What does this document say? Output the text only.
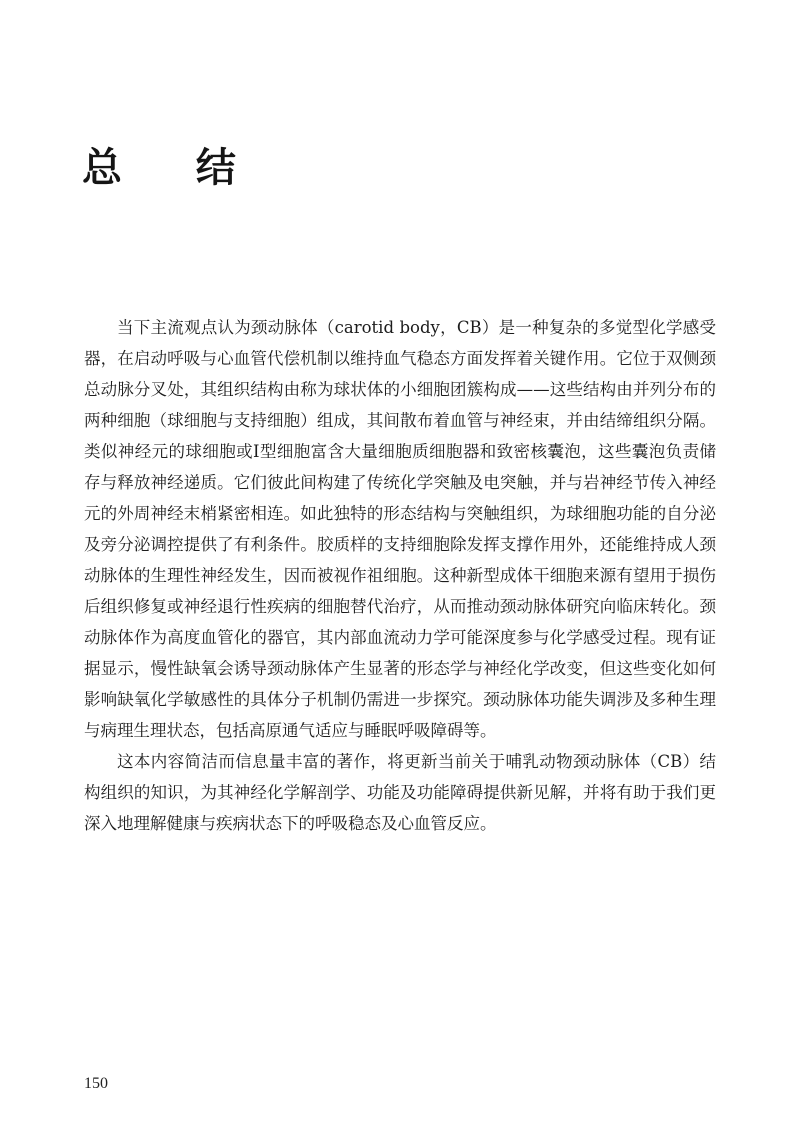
总 结

当下主流观点认为颈动脉体（carotid body，CB）是一种复杂的多觉型化学感受器，在启动呼吸与心血管代偿机制以维持血气稳态方面发挥着关键作用。它位于双侧颈总动脉分叉处，其组织结构由称为球状体的小细胞团簇构成——这些结构由并列分布的两种细胞（球细胞与支持细胞）组成，其间散布着血管与神经束，并由结缔组织分隔。类似神经元的球细胞或Ⅰ型细胞富含大量细胞质细胞器和致密核囊泡，这些囊泡负责储存与释放神经递质。它们彼此间构建了传统化学突触及电突触，并与岩神经节传入神经元的外周神经末梢紧密相连。如此独特的形态结构与突触组织，为球细胞功能的自分泌及旁分泌调控提供了有利条件。胶质样的支持细胞除发挥支撑作用外，还能维持成人颈动脉体的生理性神经发生，因而被视作祖细胞。这种新型成体干细胞来源有望用于损伤后组织修复或神经退行性疾病的细胞替代治疗，从而推动颈动脉体研究向临床转化。颈动脉体作为高度血管化的器官，其内部血流动力学可能深度参与化学感受过程。现有证据显示，慢性缺氧会诱导颈动脉体产生显著的形态学与神经化学改变，但这些变化如何影响缺氧化学敏感性的具体分子机制仍需进一步探究。颈动脉体功能失调涉及多种生理与病理生理状态，包括高原通气适应与睡眠呼吸障碍等。

这本内容简洁而信息量丰富的著作，将更新当前关于哺乳动物颈动脉体（CB）结构组织的知识，为其神经化学解剖学、功能及功能障碍提供新见解，并将有助于我们更深入地理解健康与疾病状态下的呼吸稳态及心血管反应。

150
